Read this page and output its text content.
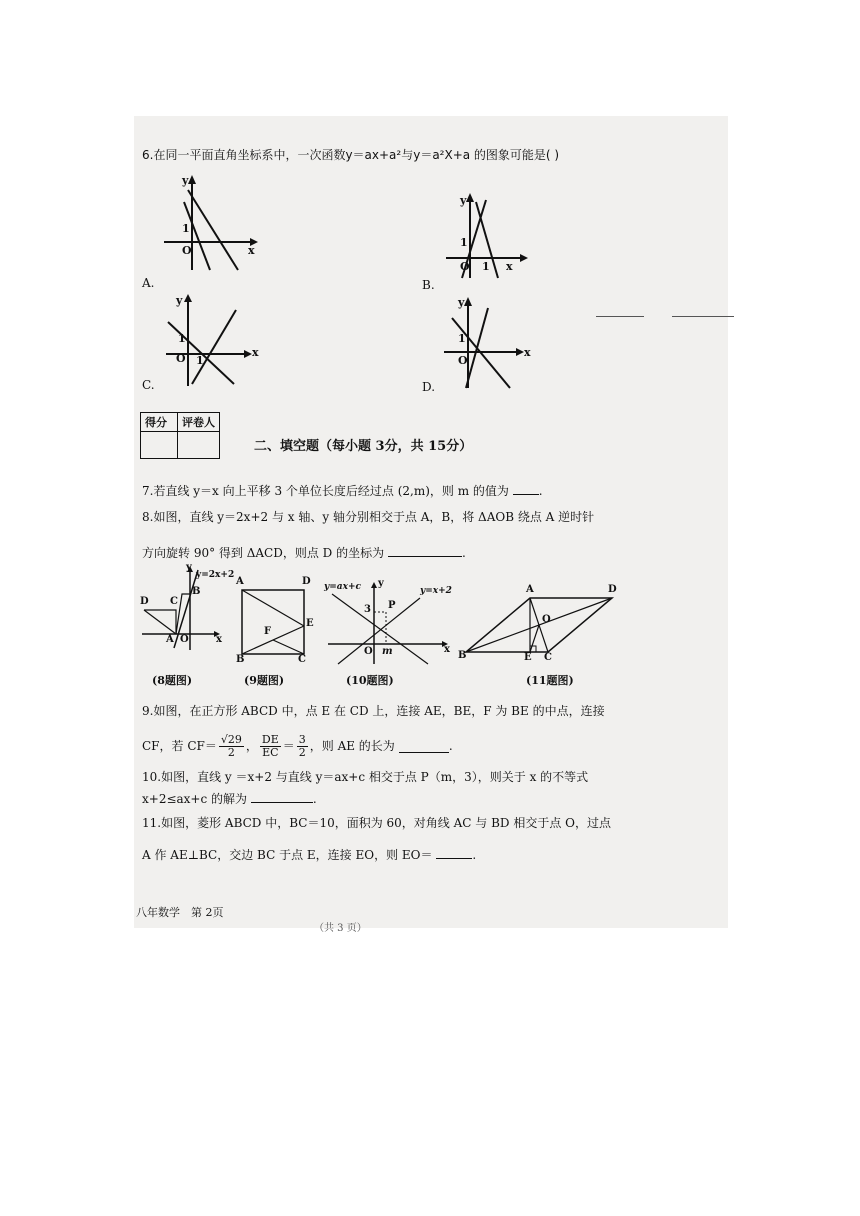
6.在同一平面直角坐标系中，一次函数y＝ax+a²与y＝a²X+a 的图象可能是( )
y
1
O	x
A.
y
1
O 1 x
B.
y
1
O 1
x
C.
y
1
O
x
D.
得分	评卷人

二、填空题（每小题 3分，共 15分）
7.若直线 y＝x 向上平移 3 个单位长度后经过点 (2,m)，则 m 的值为 .
8.如图，直线 y＝2x+2 与 x 轴、y 轴分别相交于点 A，B，将 ΔAOB 绕点 A 逆时针
方向旋转 90° 得到 ΔACD，则点 D 的坐标为	.
y
y=2x+2
B
C
D
A O	x
(8题图)
A	D
F
E
B	C
(9题图)
y
y=ax+c	y=x+2
3 P
O m	x
(10题图)
A	D
O
B	E C
(11题图)
9.如图，在正方形 ABCD 中，点 E 在 CD 上，连接 AE，BE，F 为 BE 的中点，连接
CF，若 $CF= \frac{√29}{2}$ ， $\frac{DE}{EC} = \frac{3}{2}$ ，则 AE 的长为	.
10.如图，直线 y ＝x+2 与直线 y＝ax+c 相交于点 P（m，3），则关于 x 的不等式
x+2≤ax+c 的解为	.
11.如图，菱形 ABCD 中，BC＝10，面积为 60，对角线 AC 与 BD 相交于点 O，过点
A 作 AE⊥BC，交边 BC 于点 E，连接 EO，则 EO＝	.
八年数学　第 2页
（共 3 页）
